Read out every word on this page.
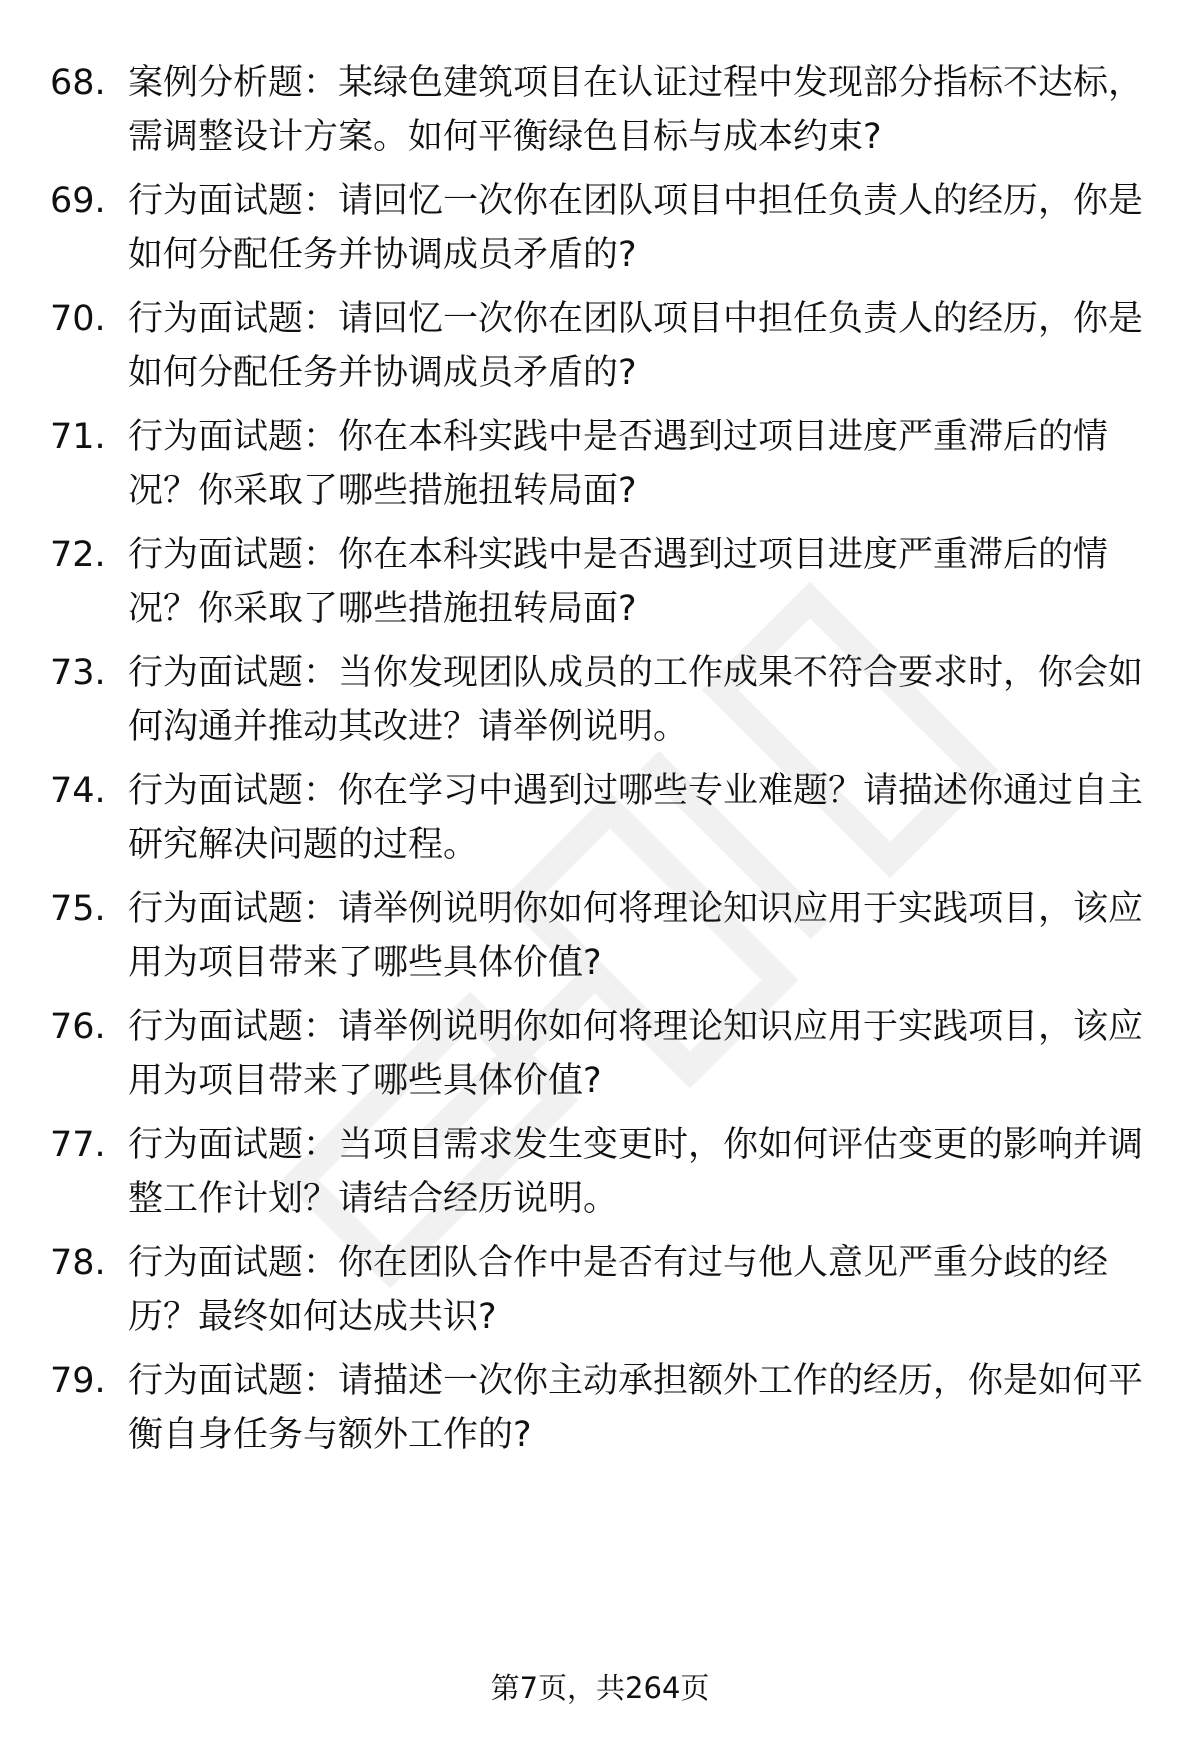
68. 案例分析题：某绿色建筑项目在认证过程中发现部分指标不达标，需调整设计方案。如何平衡绿色目标与成本约束?
69. 行为面试题：请回忆一次你在团队项目中担任负责人的经历，你是如何分配任务并协调成员矛盾的?
70. 行为面试题：请回忆一次你在团队项目中担任负责人的经历，你是如何分配任务并协调成员矛盾的?
71. 行为面试题：你在本科实践中是否遇到过项目进度严重滞后的情况？你采取了哪些措施扭转局面?
72. 行为面试题：你在本科实践中是否遇到过项目进度严重滞后的情况？你采取了哪些措施扭转局面?
73. 行为面试题：当你发现团队成员的工作成果不符合要求时，你会如何沟通并推动其改进？请举例说明。
74. 行为面试题：你在学习中遇到过哪些专业难题？请描述你通过自主研究解决问题的过程。
75. 行为面试题：请举例说明你如何将理论知识应用于实践项目，该应用为项目带来了哪些具体价值?
76. 行为面试题：请举例说明你如何将理论知识应用于实践项目，该应用为项目带来了哪些具体价值?
77. 行为面试题：当项目需求发生变更时，你如何评估变更的影响并调整工作计划？请结合经历说明。
78. 行为面试题：你在团队合作中是否有过与他人意见严重分歧的经历？最终如何达成共识?
79. 行为面试题：请描述一次你主动承担额外工作的经历，你是如何平衡自身任务与额外工作的?
第7页，共264页
